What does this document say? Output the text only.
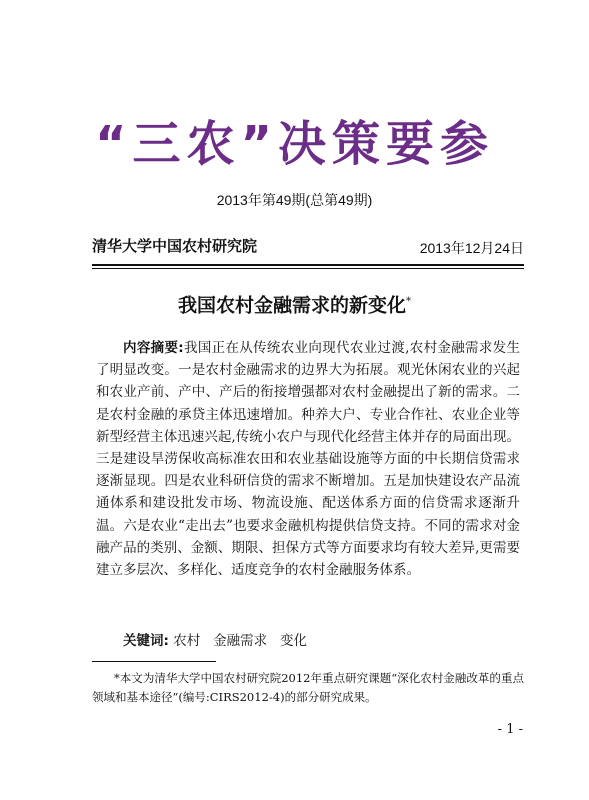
“三农”决策要参
2013年第49期(总第49期)
清华大学中国农村研究院	2013年12月24日
我国农村金融需求的新变化*

内容摘要:我国正在从传统农业向现代农业过渡,农村金融需求发生了明显改变。一是农村金融需求的边界大为拓展。观光休闲农业的兴起和农业产前、产中、产后的衔接增强都对农村金融提出了新的需求。二是农村金融的承贷主体迅速增加。种养大户、专业合作社、农业企业等新型经营主体迅速兴起,传统小农户与现代化经营主体并存的局面出现。三是建设旱涝保收高标准农田和农业基础设施等方面的中长期信贷需求逐渐显现。四是农业科研信贷的需求不断增加。五是加快建设农产品流通体系和建设批发市场、物流设施、配送体系方面的信贷需求逐渐升温。六是农业“走出去”也要求金融机构提供信贷支持。不同的需求对金融产品的类别、金额、期限、担保方式等方面要求均有较大差异,更需要建立多层次、多样化、适度竞争的农村金融服务体系。

关键词: 农村   金融需求   变化

*本文为清华大学中国农村研究院2012年重点研究课题“深化农村金融改革的重点领域和基本途径”(编号:CIRS2012-4)的部分研究成果。

- 1 -
